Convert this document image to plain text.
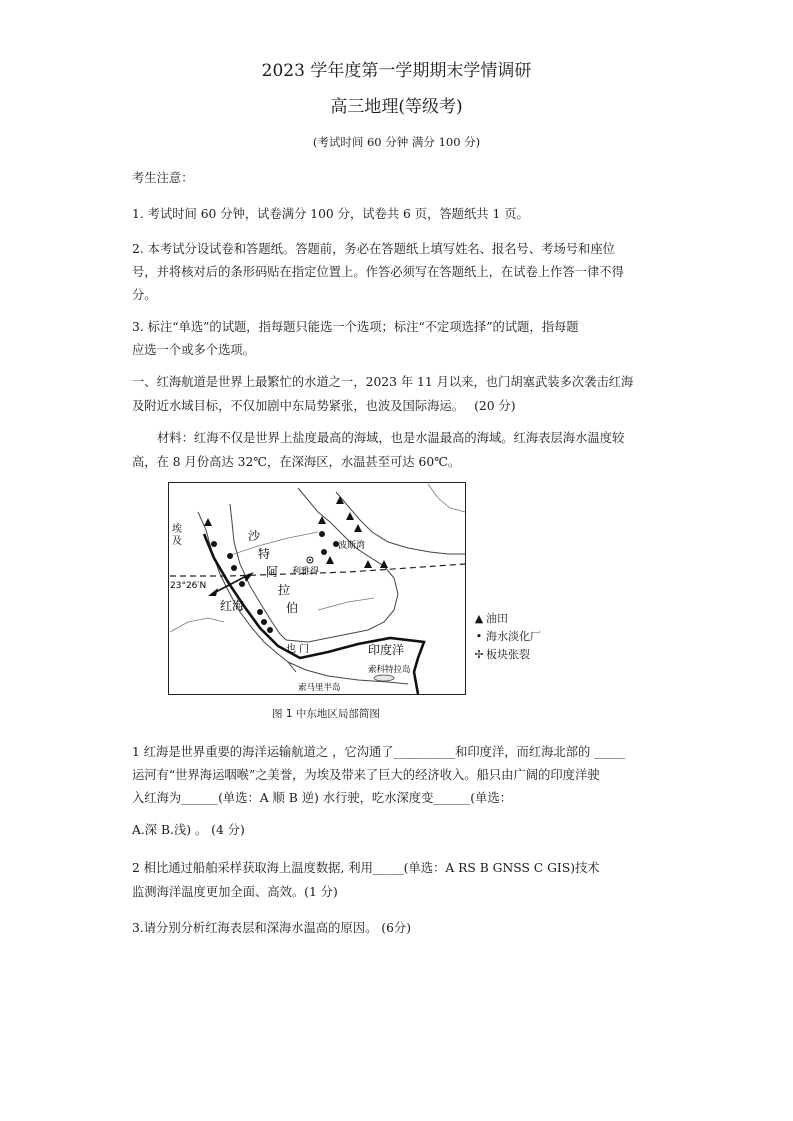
2023 学年度第一学期期末学情调研
高三地理(等级考)
(考试时间 60 分钟 满分 100 分)
考生注意：
1. 考试时间 60 分钟，试卷满分 100 分，试卷共 6 页，答题纸共 1 页。
2. 本考试分设试卷和答题纸。答题前，务必在答题纸上填写姓名、报名号、考场号和座位
号，并将核对后的条形码贴在指定位置上。作答必须写在答题纸上，在试卷上作答一律不得
分。
3. 标注“单选”的试题，指每题只能选一个选项；标注“不定项选择”的试题，指每题
应选一个或多个选项。
一、红海航道是世界上最繁忙的水道之一，2023 年 11 月以来，也门胡塞武装多次袭击红海
及附近水域目标，不仅加剧中东局势紧张，也波及国际海运。　 (20 分)
材料：红海不仅是世界上盐度最高的海域，也是水温最高的海域。红海表层海水温度较
高，在 8 月份高达 32℃，在深海区，水温甚至可达 60℃。
埃
及	沙
特
阿
拉
伯
波斯湾
利雅得
23°26′N
红海
也 门	印度洋
索马里半岛
索科特拉岛
▲ 油田
• 海水淡化厂
✢ 板块张裂
图 1 中东地区局部简图
1 红海是世界重要的海洋运输航道之 ，它沟通了__________和印度洋，而红海北部的 _____
运河有“世界海运咽喉”之美誉，为埃及带来了巨大的经济收入。船只由广阔的印度洋驶
入红海为______(单选：A 顺 B 逆) 水行驶，吃水深度变______(单选：
A.深 B.浅) 。 (4 分)
2 相比通过船舶采样获取海上温度数据, 利用_____(单选：A RS B GNSS C GIS)技术
监测海洋温度更加全面、高效。(1 分)
3.请分别分析红海表层和深海水温高的原因。 (6分)
